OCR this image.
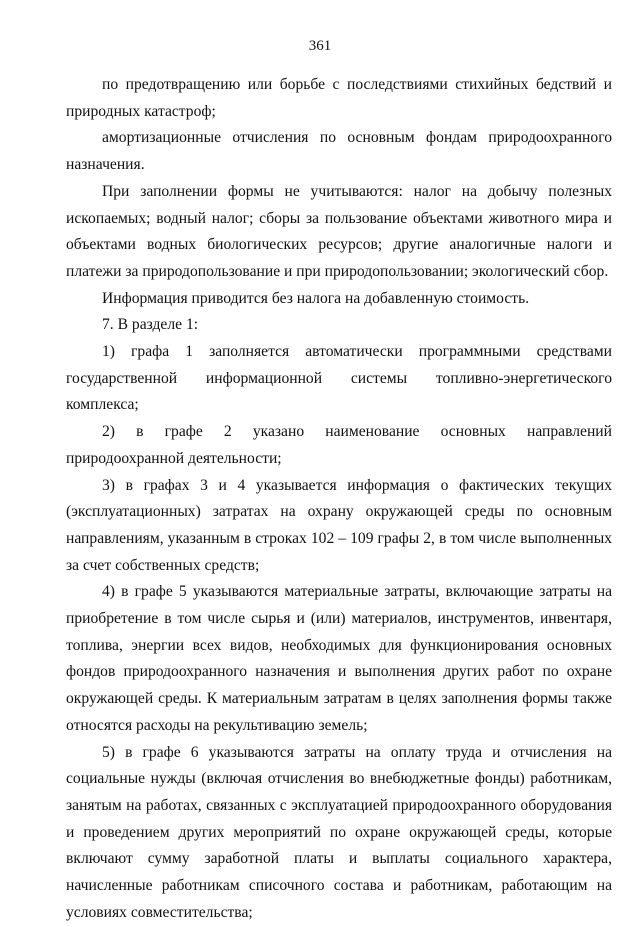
361

по предотвращению или борьбе с последствиями стихийных бедствий и природных катастроф;

амортизационные отчисления по основным фондам природоохранного назначения.

При заполнении формы не учитываются: налог на добычу полезных ископаемых; водный налог; сборы за пользование объектами животного мира и объектами водных биологических ресурсов; другие аналогичные налоги и платежи за природопользование и при природопользовании; экологический сбор.

Информация приводится без налога на добавленную стоимость.

7. В разделе 1:

1) графа 1 заполняется автоматически программными средствами государственной информационной системы топливно-энергетического комплекса;

2) в графе 2 указано наименование основных направлений природоохранной деятельности;

3) в графах 3 и 4 указывается информация о фактических текущих (эксплуатационных) затратах на охрану окружающей среды по основным направлениям, указанным в строках 102 – 109 графы 2, в том числе выполненных за счет собственных средств;

4) в графе 5 указываются материальные затраты, включающие затраты на приобретение в том числе сырья и (или) материалов, инструментов, инвентаря, топлива, энергии всех видов, необходимых для функционирования основных фондов природоохранного назначения и выполнения других работ по охране окружающей среды. К материальным затратам в целях заполнения формы также относятся расходы на рекультивацию земель;

5) в графе 6 указываются затраты на оплату труда и отчисления на социальные нужды (включая отчисления во внебюджетные фонды) работникам, занятым на работах, связанных с эксплуатацией природоохранного оборудования и проведением других мероприятий по охране окружающей среды, которые включают сумму заработной платы и выплаты социального характера, начисленные работникам списочного состава и работникам, работающим на условиях совместительства;
